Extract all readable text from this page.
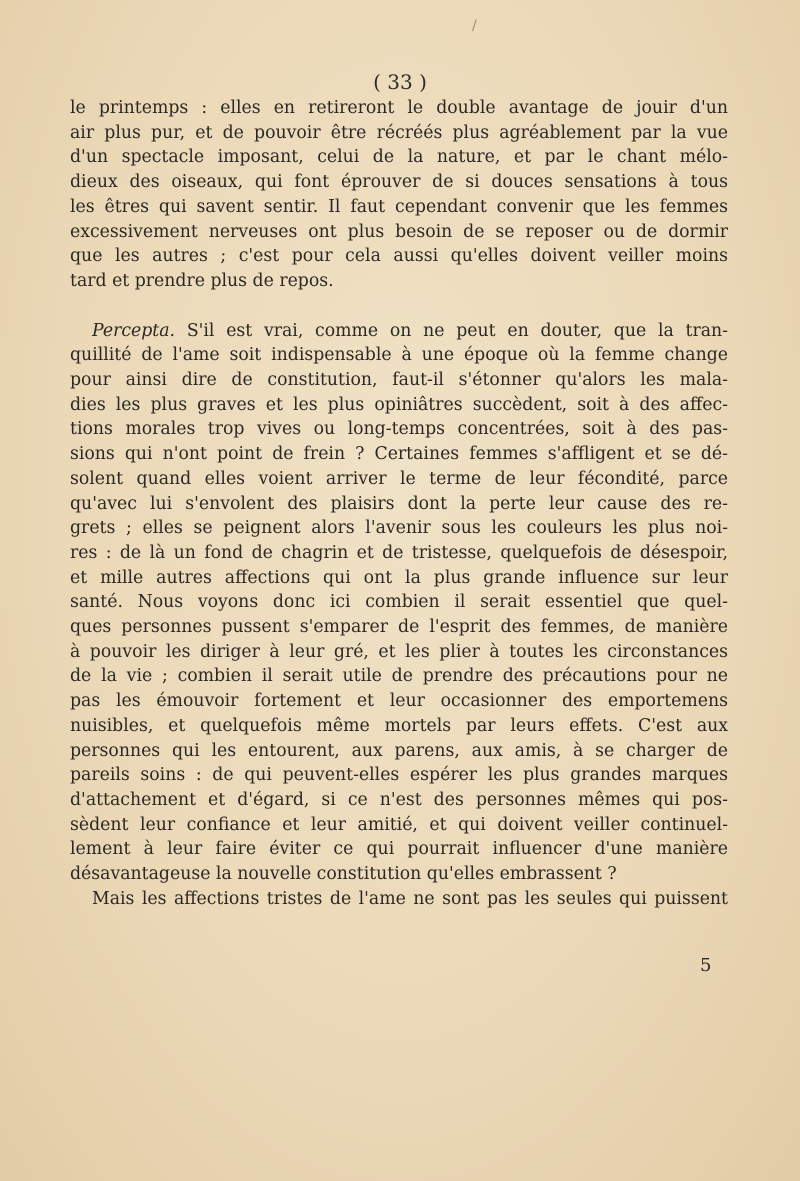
/
( 33 )
le printemps : elles en retireront le double avantage de jouir d'un
air plus pur, et de pouvoir être récréés plus agréablement par la vue
d'un spectacle imposant, celui de la nature, et par le chant mélo-
dieux des oiseaux, qui font éprouver de si douces sensations à tous
les êtres qui savent sentir. Il faut cependant convenir que les femmes
excessivement nerveuses ont plus besoin de se reposer ou de dormir
que les autres ; c'est pour cela aussi qu'elles doivent veiller moins
tard et prendre plus de repos.
Percepta. S'il est vrai, comme on ne peut en douter, que la tran-
quillité de l'ame soit indispensable à une époque où la femme change
pour ainsi dire de constitution, faut-il s'étonner qu'alors les mala-
dies les plus graves et les plus opiniâtres succèdent, soit à des affec-
tions morales trop vives ou long-temps concentrées, soit à des pas-
sions qui n'ont point de frein ? Certaines femmes s'affligent et se dé-
solent quand elles voient arriver le terme de leur fécondité, parce
qu'avec lui s'envolent des plaisirs dont la perte leur cause des re-
grets ; elles se peignent alors l'avenir sous les couleurs les plus noi-
res : de là un fond de chagrin et de tristesse, quelquefois de désespoir,
et mille autres affections qui ont la plus grande influence sur leur
santé. Nous voyons donc ici combien il serait essentiel que quel-
ques personnes pussent s'emparer de l'esprit des femmes, de manière
à pouvoir les diriger à leur gré, et les plier à toutes les circonstances
de la vie ; combien il serait utile de prendre des précautions pour ne
pas les émouvoir fortement et leur occasionner des emportemens
nuisibles, et quelquefois même mortels par leurs effets. C'est aux
personnes qui les entourent, aux parens, aux amis, à se charger de
pareils soins : de qui peuvent-elles espérer les plus grandes marques
d'attachement et d'égard, si ce n'est des personnes mêmes qui pos-
sèdent leur confiance et leur amitié, et qui doivent veiller continuel-
lement à leur faire éviter ce qui pourrait influencer d'une manière
désavantageuse la nouvelle constitution qu'elles embrassent ?
Mais les affections tristes de l'ame ne sont pas les seules qui puissent
5
